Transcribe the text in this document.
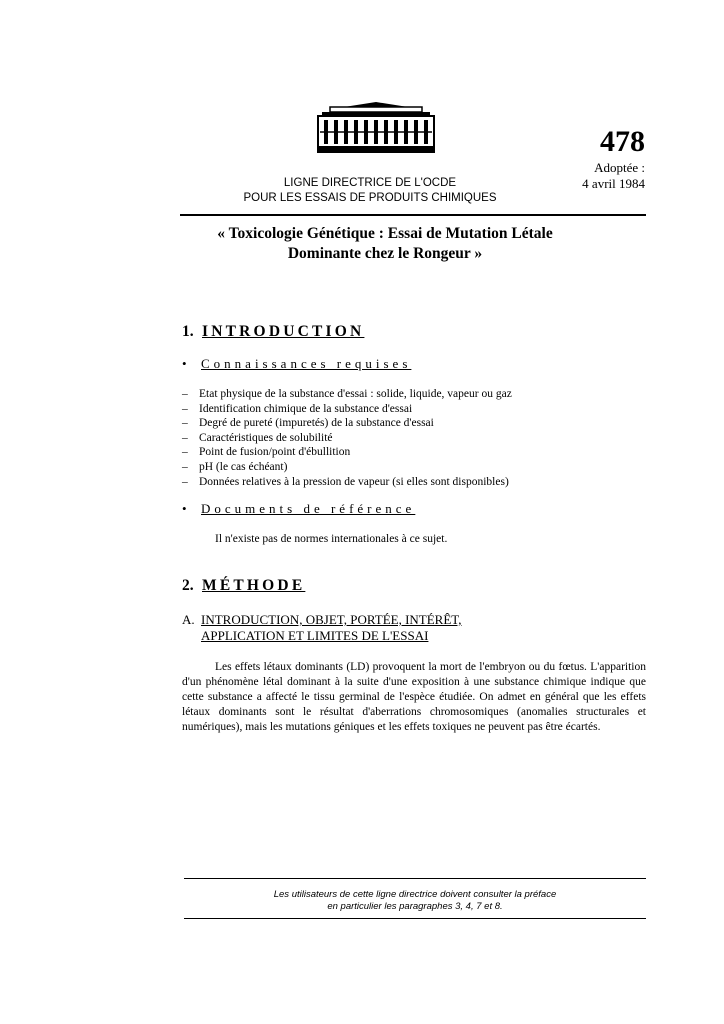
478
Adoptée :
4 avril 1984
LIGNE DIRECTRICE DE L'OCDE
POUR LES ESSAIS DE PRODUITS CHIMIQUES
« Toxicologie Génétique : Essai de Mutation Létale
Dominante chez le Rongeur »
1. INTRODUCTION
• Connaissances requises
– Etat physique de la substance d'essai : solide, liquide, vapeur ou gaz
– Identification chimique de la substance d'essai
– Degré de pureté (impuretés) de la substance d'essai
– Caractéristiques de solubilité
– Point de fusion/point d'ébullition
– pH (le cas échéant)
– Données relatives à la pression de vapeur (si elles sont disponibles)
• Documents de référence
Il n'existe pas de normes internationales à ce sujet.
2. MÉTHODE
A. INTRODUCTION, OBJET, PORTÉE, INTÉRÊT,
APPLICATION ET LIMITES DE L'ESSAI
Les effets létaux dominants (LD) provoquent la mort de l'embryon ou du fœtus. L'apparition d'un phénomène létal dominant à la suite d'une exposition à une substance chimique indique que cette substance a affecté le tissu germinal de l'espèce étudiée. On admet en général que les effets létaux dominants sont le résultat d'aberrations chromosomiques (anomalies structurales et numériques), mais les mutations géniques et les effets toxiques ne peuvent pas être écartés.
Les utilisateurs de cette ligne directrice doivent consulter la préface
en particulier les paragraphes 3, 4, 7 et 8.
